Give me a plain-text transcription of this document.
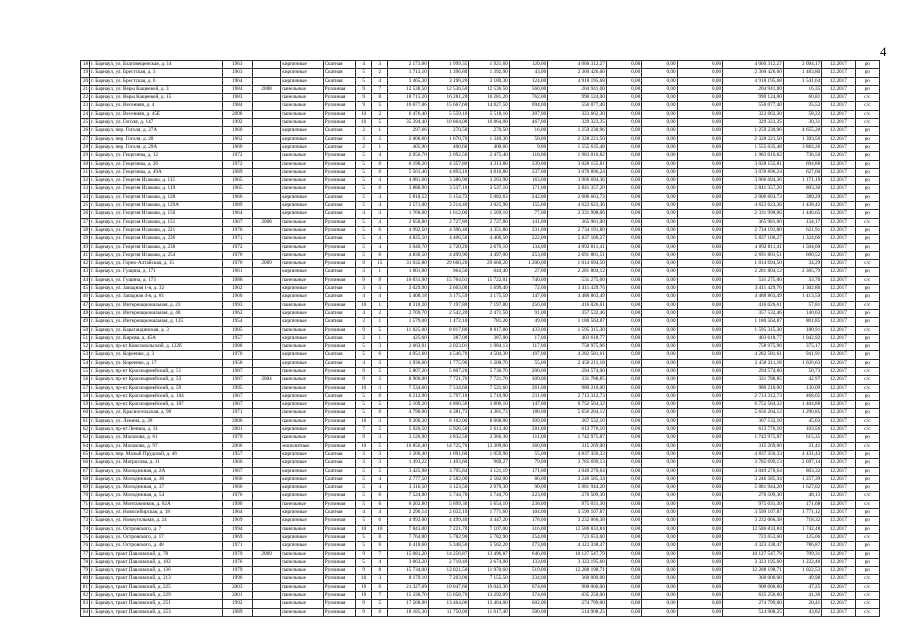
4
18	г. Барнаул, ул. Благовещенская, д. 14	1963		кирпичные	Скатная	4	3	2 173,00	1 999,35	1 921,60	120,00	4 060 312,27	0,00	0,00	0,00	4 060 312,27	2 094,17	12.2017	ро
19	г. Барнаул, ул. Брестская, д. 3	1963		кирпичные	Скатная	5	2	1 713,10	1 396,80	1 392,90	43,00	2 360 426,60	0,00	0,00	0,00	2 360 426,60	1 483,80	12.2017	ро
20	г. Барнаул, ул. Брестская, д. 6	1964		кирпичные	Скатная	5	4	3 465,30	3 190,20	3 180,30	124,00	4 918 195,68	0,00	0,00	0,00	4 918 195,68	1 541,64	12.2017	ро
21	г. Барнаул, ул. Веры Кащеевой, д. 3	1984	2008	панельные	Рулонная	9	7	12 538,50	12 536,50	12 536,50	560,00	204 941,00	0,00	0,00	0,00	204 941,00	16,35	12.2017	ро
22	г. Барнаул, ул. Веры Кащеевой, д. 15	1983		панельные	Рулонная	9	8	18 715,20	16 281,20	16 281,20	762,00	990 124,00	0,00	0,00	0,00	990 124,00	60,81	12.2017	с/с
23	г. Барнаул, ул. Весенняя, д. 4	1984		панельные	Рулонная	9	5	16 677,06	15 667,60	14 027,50	694,00	556 077,40	0,00	0,00	0,00	556 077,40	35,53	12.2017	с/с
24	г. Барнаул, ул. Весенняя, д. 45Е	2008		панельные	Рулонная	10	2	6 476,40	5 559,10	5 518,10	207,00	323 662,30	0,00	0,00	0,00	323 662,30	58,22	12.2017	с/с
25	г. Барнаул, ул. Гоголя, д. 147	1992		панельные	Рулонная	10	5	35 394,40	10 864,00	10 864,00	467,00	329 323,35	0,00	0,00	0,00	329 323,35	30,31	12.2017	с/с
26	г. Барнаул, пер. Гоголя, д. 27А	1960		кирпичные	Скатная	2	1	297,66	270,50	270,50	16,00	1 259 230,96	0,00	0,00	0,00	1 259 230,96	4 655,20	12.2017	ро
27	г. Барнаул, пер. Гоголя, д. 28	1962		кирпичные	Скатная	3	2	2 000,60	1 670,70	1 349,30	58,00	2 328 221,50	0,00	0,00	0,00	2 328 221,50	1 393,56	12.2017	ро
28	г. Барнаул, пер. Гоголя, д. 29А	1960		кирпичные	Скатная	2	1	405,90	400,60	400,60	9,00	1 555 635,48	0,00	0,00	0,00	1 555 635,48	3 883,26	12.2017	ро
29	г. Барнаул, ул. Георгиева, д. 12	1972		панельные	Рулонная	5	4	2 956,70	2 692,50	2 475,40	118,00	1 983 016,82	0,00	0,00	0,00	1 983 016,82	736,50	12.2017	ро
30	г. Барнаул, ул. Георгиева, д. 26	1972		панельные	Рулонная	5	6	6 190,20	4 357,80	4 313,80	239,00	3 028 155,81	0,00	0,00	0,00	3 028 155,81	694,88	12.2017	ро
31	г. Барнаул, ул. Георгиева, д. 49А	1989		панельные	Рулонная	5	6	5 561,40	4 893,10	4 810,80	237,00	3 070 896,24	0,00	0,00	0,00	3 070 896,24	627,60	12.2017	ро
32	г. Барнаул, ул. Георгия Исакова, д. 115	1965		панельные	Рулонная	5	4	4 081,60	3 386,90	3 263,90	163,00	3 966 694,36	0,00	0,00	0,00	3 966 694,36	1 171,19	12.2017	ро
33	г. Барнаул, ул. Георгия Исакова, д. 119	1965		панельные	Рулонная	5	6	3 888,90	3 537,10	3 537,10	171,00	2 841 357,20	0,00	0,00	0,00	2 841 357,20	803,30	12.2017	ро
34	г. Барнаул, ул. Георгия Исакова, д. 128	1966		кирпичные	Скатная	5	4	5 818,52	5 154,73	5 082,63	242,00	2 006 663,73	0,00	0,00	0,00	2 006 663,73	389,29	12.2017	ро
35	г. Барнаул, ул. Георгия Исакова, д. 129А	1989		кирпичные	Скатная	5	4	3 571,00	3 214,40	3 025,90	155,00	4 623 623,36	0,00	0,00	0,00	4 623 623,36	1 438,42	12.2017	ро
36	г. Барнаул, ул. Георгия Исакова, д. 150	1964		кирпичные	Скатная	4	3	1 768,00	1 612,00	1 569,10	77,00	2 331 998,06	0,00	0,00	0,00	2 331 998,06	1 446,65	12.2017	ро
37	г. Барнаул, ул. Георгия Исакова, д. 151	1967	2008	панельные	Рулонная	5	4	2 658,80	2 727,80	2 727,80	141,00	365 981,00	0,00	0,00	0,00	365 981,00	134,17	12.2017	с/с
38	г. Барнаул, ул. Георгия Исакова, д. 221	1970		панельные	Рулонная	5	6	4 992,50	4 396,40	4 351,80	231,00	2 734 191,80	0,00	0,00	0,00	2 734 191,80	621,91	12.2017	ро
39	г. Барнаул, ул. Георгия Исакова, д. 236	1971		панельные	Скатная	5	4	4 825,50	4 406,50	4 406,50	222,00	5 837 106,27	0,00	0,00	0,00	5 837 106,27	1 324,66	12.2017	ро
40	г. Барнаул, ул. Георгия Исакова, д. 238	1972		панельные	Рулонная	5	4	3 040,70	2 720,20	2 676,10	134,00	4 092 811,41	0,00	0,00	0,00	4 092 811,41	1 504,60	12.2017	ро
41	г. Барнаул, ул. Георгия Исакова, д. 254	1970		панельные	Рулонная	5	6	4 830,50	4 499,90	4 497,00	253,00	2 691 801,51	0,00	0,00	0,00	2 691 801,51	600,52	12.2017	ро
42	г. Барнаул, ул. Горно-Алтайская, д. 15	1970	2009	панельные	Рулонная	9	15	31 032,80	29 660,20	29 660,20	1 200,00	1 014 694,50	0,00	0,00	0,00	1 014 694,50	34,29	12.2017	с/с
43	г. Барнаул, ул. Гущина, д. 171	1961		кирпичные	Скатная	3	1	1 001,00	964,50	644,40	27,00	2 281 804,12	0,00	0,00	0,00	2 281 804,12	2 365,79	12.2017	ро
44	г. Барнаул, ул. Гущина, д. 173	1988		панельные	Рулонная	9	9	16 031,90	15 764,01	15 722,01	740,00	531 275,00	0,00	0,00	0,00	531 275,00	33,70	12.2017	с/с
45	г. Барнаул, ул. Западная 1-я, д. 32	1962		кирпичные	Скатная	3	3	3 029,90	2 603,00	1 699,40	72,00	3 411 429,76	0,00	0,00	0,00	3 411 429,76	1 302,80	12.2017	ро
46	г. Барнаул, ул. Западная 4-я, д. 81	1960		кирпичные	Скатная	4	4	5 408,18	3 175,59	3 175,59	147,00	4 488 863,49	0,00	0,00	0,00	4 488 863,49	1 413,59	12.2017	ро
47	г. Барнаул, ул. Интернациональная, д. 23	1993		панельные	Рулонная	10	1	8 318,20	7 197,80	7 197,80	256,00	416 026,61	0,00	0,00	0,00	416 026,61	57,81	12.2017	с/с
48	г. Барнаул, ул. Интернациональная, д. 48	1962		кирпичные	Скатная	4	2	2 769,70	2 542,20	2 471,50	91,00	357 532,46	0,00	0,00	0,00	357 532,46	140,63	12.2017	ро
49	г. Барнаул, ул. Интернациональная, д. 135	1954		кирпичные	Скатная	2	1	1 579,00	1 472,10	781,20	49,00	1 180 564,87	0,00	0,00	0,00	1 180 564,87	801,85	12.2017	ро
50	г. Барнаул, ул. Карагандинская, д. 3	1985		панельные	Рулонная	9	5	11 025,00	8 817,80	8 817,80	433,00	1 595 315,30	0,00	0,00	0,00	1 595 315,30	180,91	12.2017	с/с
51	г. Барнаул, ул. Кирова, д. 45А	1957		кирпичные	Скатная	2	1	425,60	387,00	387,00	17,00	403 618,77	0,00	0,00	0,00	403 618,77	1 042,92	12.2017	ро
52	г. Барнаул, пр-кт Комсомольский, д. 122б	1988		панельные	Рулонная	5	3	2 663,01	2 023,01	1 984,13	117,00	758 975,96	0,00	0,00	0,00	758 975,96	375,17	12.2017	ро
53	г. Барнаул, ул. Кореенко, д. 3	1970		кирпичные	Скатная	5	6	4 951,60	4 546,70	4 504,30	197,00	4 282 581,61	0,00	0,00	0,00	4 282 581,61	941,91	12.2017	ро
54	г. Барнаул, ул. Кореенко, д. 17	1958		кирпичные	Скатная	4	3	1 936,60	1 775,90	1 200,70	55,00	2 458 211,18	0,00	0,00	0,00	2 458 211,18	1 026,63	12.2017	ро
55	г. Барнаул, пр-кт Красноармейский, д. 51	1987		панельные	Рулонная	9	5	5 807,20	5 807,20	5 736,70	200,00	294 574,00	0,00	0,00	0,00	294 574,00	50,73	12.2017	с/с
56	г. Барнаул, пр-кт Красноармейский, д. 53	1987	2004	панельные	Рулонная	9	2	8 900,00	7 721,70	7 721,70	309,00	331 788,85	0,00	0,00	0,00	331 788,85	42,97	12.2017	с/с
57	г. Барнаул, пр-кт Красноармейский, д. 59	1995		панельные	Рулонная	10	3	7 534,60	7 534,60	7 521,60	261,00	980 210,00	0,00	0,00	0,00	980 210,00	130,09	12.2017	с/с
58	г. Барнаул, пр-кт Красноармейский, д. 104	1967		кирпичные	Скатная	5	6	6 212,90	5 797,10	5 710,90	211,00	2 713 312,73	0,00	0,00	0,00	2 713 312,73	468,05	12.2017	ро
59	г. Барнаул, пр-кт Красноармейский, д. 107	1967		кирпичные	Рулонная	5	5	5 109,20	4 806,50	3 806,10	147,00	6 752 564,32	0,00	0,00	0,00	6 752 564,32	1 404,88	12.2017	ро
60	г. Барнаул, ул. Красносельская, д. 90	1971		панельные	Рулонная	5	6	4 790,00	4 381,73	4 381,73	188,00	5 656 204,12	0,00	0,00	0,00	5 656 204,12	1 290,85	12.2017	ро
61	г. Барнаул, ул. Ленина, д. 28	2006		панельные	Рулонная	10	3	9 200,30	8 162,00	8 068,00	309,00	367 532,10	0,00	0,00	0,00	367 532,10	45,03	12.2017	с/с
62	г. Барнаул, пр-кт Ленина, д. 31	2001		кирпичные	Рулонная	7	5	5 926,50	5 926,50	5 613,40	281,00	613 776,10	0,00	0,00	0,00	613 776,10	103,56	12.2017	с/с
63	г. Барнаул, ул. Малахова, д. 61	1979		панельные	Рулонная	9	3	3 126,90	2 832,50	2 366,30	111,00	1 742 975,87	0,00	0,00	0,00	1 742 975,87	615,35	12.2017	ро
64	г. Барнаул, ул. Малахова, д. 97	2006		монолитные	Рулонная	10	5	16 856,40	14 725,70	13 309,00	360,00	315 269,00	0,00	0,00	0,00	315 269,00	21,41	12.2017	с/с
65	г. Барнаул, пер. Малый Прудской, д. 46	1957		кирпичные	Скатная	3	3	1 200,40	1 091,60	1 059,90	55,00	4 837 350,33	0,00	0,00	0,00	4 837 350,33	4 431,43	12.2017	ро
66	г. Барнаул, ул. Матросова, д. 11	1960		кирпичные	Скатная	3	3	1 493,22	1 493,60	989,27	79,00	3 785 699,13	0,00	0,00	0,00	3 785 699,13	2 697,14	12.2017	ро
67	г. Барнаул, ул. Молодежная, д. 2А	1967		кирпичные	Скатная	5	5	3 425,98	3 795,84	3 121,19	171,00	3 049 270,64	0,00	0,00	0,00	3 049 270,64	803,32	12.2017	ро
68	г. Барнаул, ул. Молодежная, д. 30	1966		кирпичные	Скатная	5	4	2 777,50	2 582,00	2 582,00	86,00	3 246 585,34	0,00	0,00	0,00	3 246 585,34	1 257,39	12.2017	ро
69	г. Барнаул, ул. Молодежная, д. 37	1966		кирпичные	Скатная	5	4	3 316,50	3 123,50	2 979,30	90,00	5 081 944,20	0,00	0,00	0,00	5 081 944,20	1 627,02	12.2017	ро
70	г. Барнаул, ул. Молодежная, д. 54	1976		кирпичные	Рулонная	5	6	7 524,80	5 744,70	5 744,70	223,00	276 509,30	0,00	0,00	0,00	276 509,30	48,13	12.2017	с/с
71	г. Барнаул, ул. Монтажников, д. 62А	1990		панельные	Рулонная	5	6	6 202,80	5 699,30	5 654,10	238,00	975 031,30	0,00	0,00	0,00	975 031,30	171,08	12.2017	с/с
72	г. Барнаул, ул. Новосибирская, д. 18	1964		кирпичные	Скатная	4	4	2 296,14	2 032,10	1 771,60	104,00	3 599 107,87	0,00	0,00	0,00	3 599 107,87	1 771,12	12.2017	ро
73	г. Барнаул, ул. Новоугольная, д. 24	1969		кирпичные	Рулонная	5	6	4 992,00	4 499,40	4 447,20	178,00	3 232 066,38	0,00	0,00	0,00	3 232 066,38	718,32	12.2017	ро
74	г. Барнаул, ул. Островского, д. 7	1994		панельные	Рулонная	10	10	7 843,00	7 221,70	7 107,00	316,00	12 586 833,84	0,00	0,00	0,00	12 586 833,84	1 742,48	12.2017	ро
75	г. Барнаул, ул. Островского, д. 17	1969		кирпичные	Рулонная	5	8	7 764,80	5 782,90	5 782,90	254,00	723 653,60	0,00	0,00	0,00	723 653,60	125,06	12.2017	с/с
76	г. Барнаул, ул. Островского, д. 48	1971		кирпичные	Рулонная	5	6	6 418,60	5 348,50	5 562,20	273,00	4 323 338,47	0,00	0,00	0,00	4 323 338,47	786,87	12.2017	ро
77	г. Барнаул, тракт Павловский, д. 78	1979	2009	панельные	Рулонная	9	7	15 681,20	14 256,87	13 496,87	646,00	10 127 547,79	0,00	0,00	0,00	10 127 547,79	709,31	12.2017	ро
78	г. Барнаул, тракт Павловский, д. 102	1976		панельные	Рулонная	5	4	3 063,20	2 718,40	2 674,00	133,00	3 323 195,60	0,00	0,00	0,00	3 323 195,60	1 222,40	12.2017	ро
79	г. Барнаул, тракт Павловский, д. 136	1979		панельные	Рулонная	9	8	15 734,00	12 021,50	11 970,60	519,00	12 288 198,71	0,00	0,00	0,00	12 288 198,71	1 022,53	12.2017	ро
80	г. Барнаул, тракт Павловский, д. 213	1996		панельные	Рулонная	10	3	8 179,10	7 203,00	7 155,50	234,00	360 000,00	0,00	0,00	0,00	360 000,00	49,98	12.2017	с/с
81	г. Барнаул, тракт Павловский, д. 225	2003		панельные	Рулонная	10	6	21 327,69	19 047,60	19 043,30	674,00	900 000,00	0,00	0,00	0,00	900 000,00	47,25	12.2017	с/с
82	г. Барнаул, тракт Павловский, д. 229	2001		панельные	Рулонная	10	7	15 338,70	15 058,70	13 292,09	374,00	635 250,00	0,00	0,00	0,00	635 250,00	41,36	12.2017	с/с
83	г. Барнаул, тракт Павловский, д. 251	1992		панельные	Рулонная	9	5	17 508,00	13 464,00	13 464,00	602,00	274 799,00	0,00	0,00	0,00	274 799,00	20,41	12.2017	с/с
84	г. Барнаул, тракт Павловский, д. 253	1989		панельные	Рулонная	9	6	18 185,30	11 750,00	11 617,40	500,00	514 908,25	0,00	0,00	0,00	514 908,25	43,82	12.2017	с/с
